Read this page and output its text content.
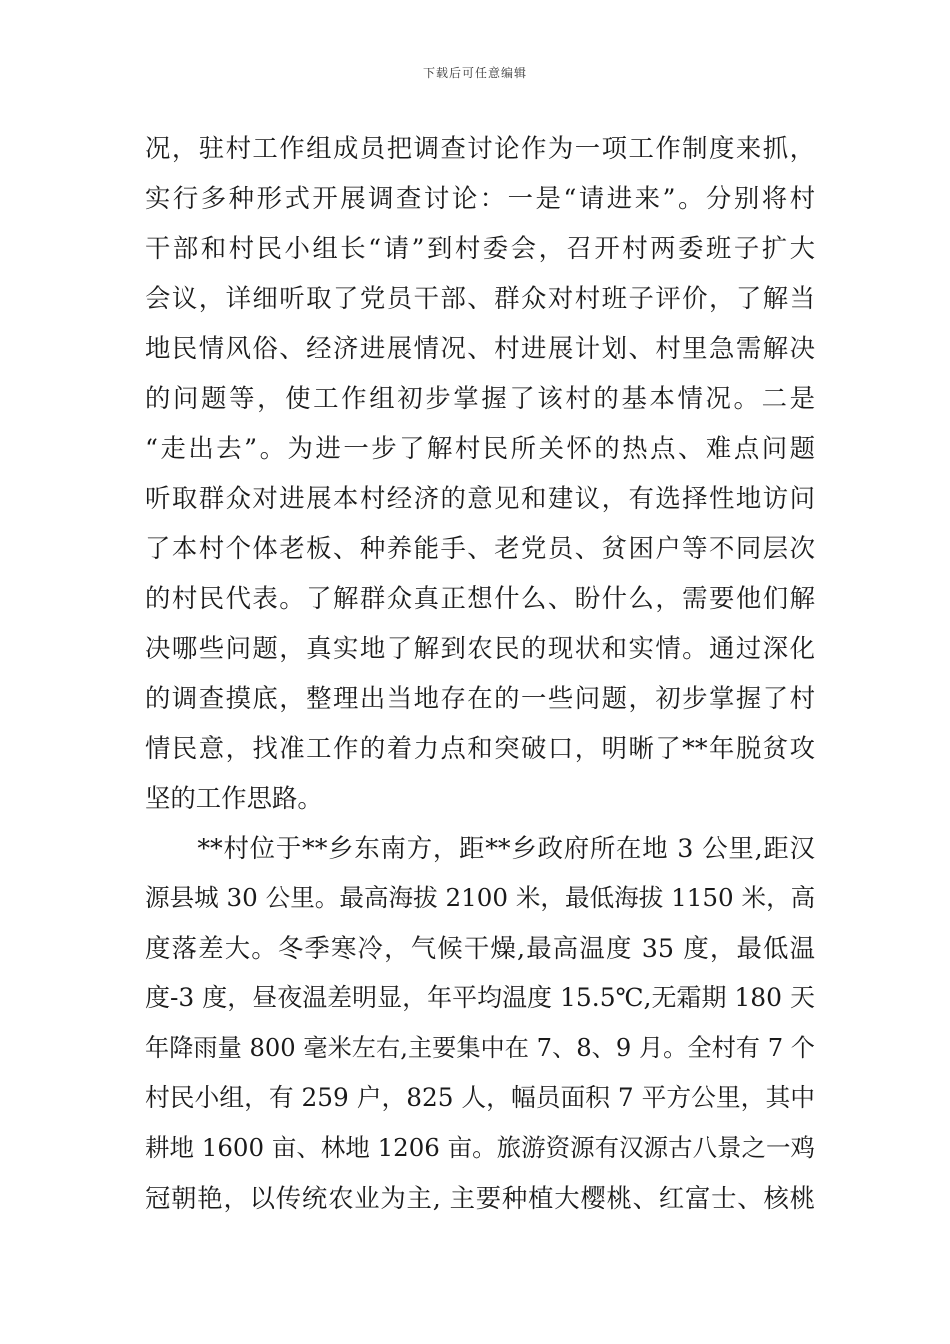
下载后可任意编辑
况，驻村工作组成员把调查讨论作为一项工作制度来抓，
实行多种形式开展调查讨论：一是“请进来”。分别将村
干部和村民小组长“请”到村委会，召开村两委班子扩大
会议，详细听取了党员干部、群众对村班子评价，了解当
地民情风俗、经济进展情况、村进展计划、村里急需解决
的问题等，使工作组初步掌握了该村的基本情况。二是
“走出去”。为进一步了解村民所关怀的热点、难点问题
听取群众对进展本村经济的意见和建议，有选择性地访问
了本村个体老板、种养能手、老党员、贫困户等不同层次
的村民代表。了解群众真正想什么、盼什么，需要他们解
决哪些问题，真实地了解到农民的现状和实情。通过深化
的调查摸底，整理出当地存在的一些问题，初步掌握了村
情民意，找准工作的着力点和突破口，明晰了**年脱贫攻
坚的工作思路。
　　**村位于**乡东南方，距**乡政府所在地 3 公里,距汉
源县城 30 公里。最高海拔 2100 米，最低海拔 1150 米，高
度落差大。冬季寒冷，气候干燥,最高温度 35 度，最低温
度-3 度，昼夜温差明显，年平均温度 15.5℃,无霜期 180 天
年降雨量 800 毫米左右,主要集中在 7、8、9 月。全村有 7 个
村民小组，有 259 户，825 人，幅员面积 7 平方公里，其中
耕地 1600 亩、林地 1206 亩。旅游资源有汉源古八景之一鸡
冠朝艳，以传统农业为主, 主要种植大樱桃、红富士、核桃
